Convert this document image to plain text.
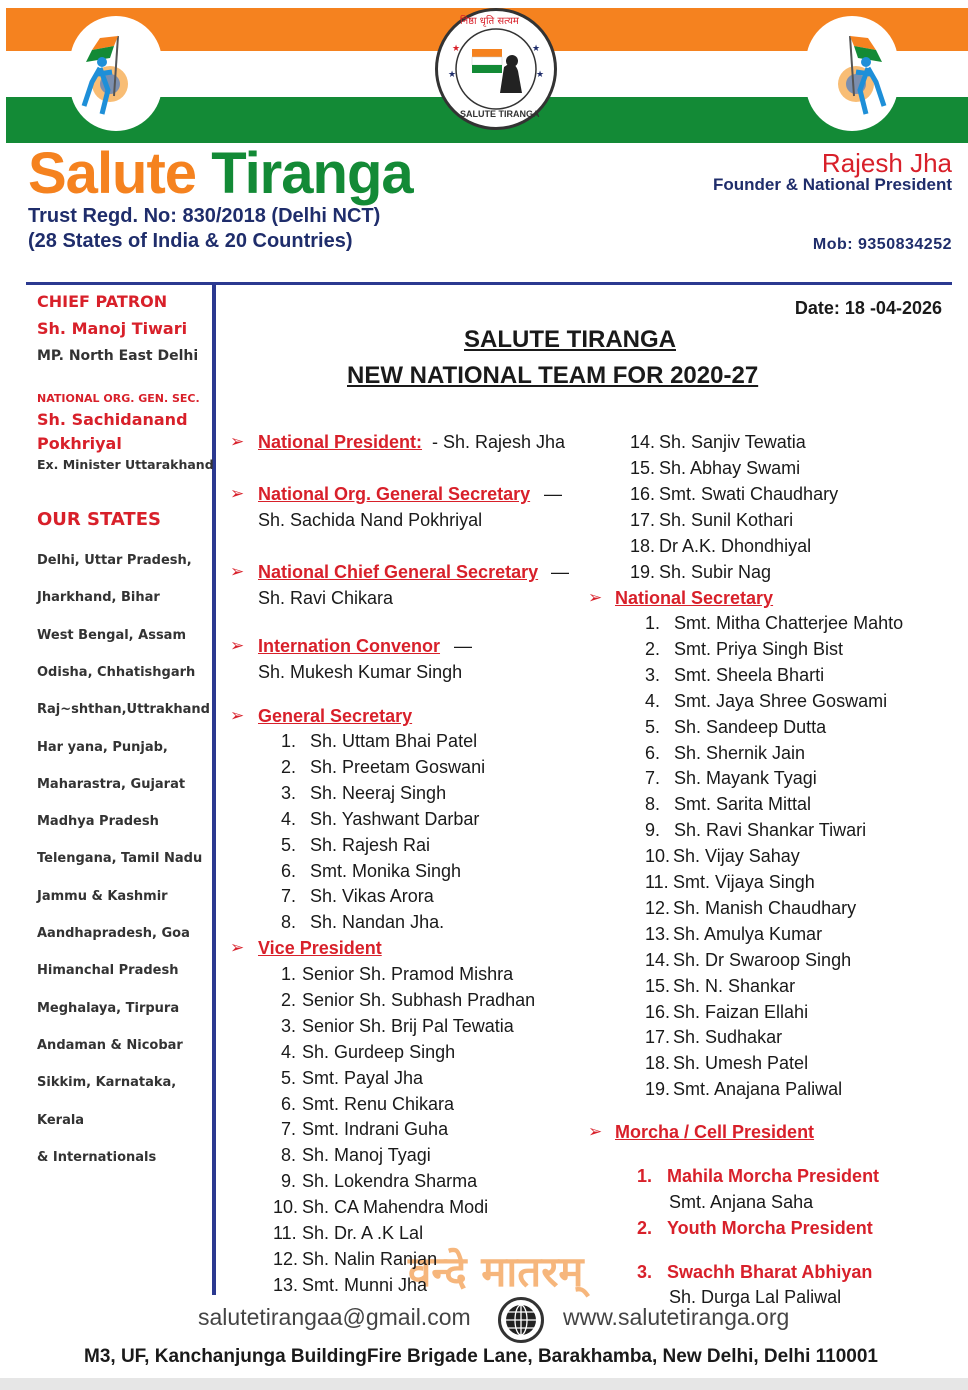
★	★
★	★
निष्ठा धृति सत्यम
SALUTE TIRANGA
Salute Tiranga
Trust Regd. No: 830/2018 (Delhi NCT)
(28 States of India & 20 Countries)
Rajesh Jha
Founder & National President
Mob: 9350834252
CHIEF PATRON
Sh. Manoj Tiwari
MP. North East Delhi
NATIONAL ORG. GEN. SEC.
Sh. Sachidanand
Pokhriyal
Ex. Minister Uttarakhand
OUR STATES
Delhi, Uttar Pradesh,
Jharkhand, Bihar
West Bengal, Assam
Odisha, Chhatishgarh
Raj~shthan,Uttrakhand
Har yana, Punjab,
Maharastra, Gujarat
Madhya Pradesh
Telengana, Tamil Nadu
Jammu & Kashmir
Aandhapradesh, Goa
Himanchal Pradesh
Meghalaya, Tirpura
Andaman & Nicobar
Sikkim, Karnataka,
Kerala
& Internationals
Date: 18 -04-2026
SALUTE TIRANGA
NEW NATIONAL TEAM FOR 2020-27
वन्दे मातरम्
➢ National President: - Sh. Rajesh Jha
➢ National Org. General Secretary —
Sh. Sachida Nand Pokhriyal
➢ National Chief General Secretary —
Sh. Ravi Chikara
➢ Internation Convenor —
Sh. Mukesh Kumar Singh
➢ General Secretary
1. Sh. Uttam Bhai Patel
2. Sh. Preetam Goswani
3. Sh. Neeraj Singh
4. Sh. Yashwant Darbar
5. Sh. Rajesh Rai
6. Smt. Monika Singh
7. Sh. Vikas Arora
8. Sh. Nandan Jha.
➢ Vice President
1. Senior Sh. Pramod Mishra
2. Senior Sh. Subhash Pradhan
3. Senior Sh. Brij Pal Tewatia
4. Sh. Gurdeep Singh
5. Smt. Payal Jha
6. Smt. Renu Chikara
7. Smt. Indrani Guha
8. Sh. Manoj Tyagi
9. Sh. Lokendra Sharma
10. Sh. CA Mahendra Modi
11. Sh. Dr. A .K Lal
12. Sh. Nalin Ranjan
13. Smt. Munni Jha
14. Sh. Sanjiv Tewatia
15. Sh. Abhay Swami
16. Smt. Swati Chaudhary
17. Sh. Sunil Kothari
18. Dr A.K. Dhondhiyal
19. Sh. Subir Nag
➢ National Secretary
1. Smt. Mitha Chatterjee Mahto
2. Smt. Priya Singh Bist
3. Smt. Sheela Bharti
4. Smt. Jaya Shree Goswami
5. Sh. Sandeep Dutta
6. Sh. Shernik Jain
7. Sh. Mayank Tyagi
8. Smt. Sarita Mittal
9. Sh. Ravi Shankar Tiwari
10. Sh. Vijay Sahay
11. Smt. Vijaya Singh
12. Sh. Manish Chaudhary
13. Sh. Amulya Kumar
14. Sh. Dr Swaroop Singh
15. Sh. N. Shankar
16. Sh. Faizan Ellahi
17. Sh. Sudhakar
18. Sh. Umesh Patel
19. Smt. Anajana Paliwal
➢ Morcha / Cell President
1. Mahila Morcha President
Smt. Anjana Saha
2. Youth Morcha President
3. Swachh Bharat Abhiyan
Sh. Durga Lal Paliwal
salutetirangaa@gmail.com	www.salutetiranga.org
M3, UF, Kanchanjunga BuildingFire Brigade Lane, Barakhamba, New Delhi, Delhi 110001
